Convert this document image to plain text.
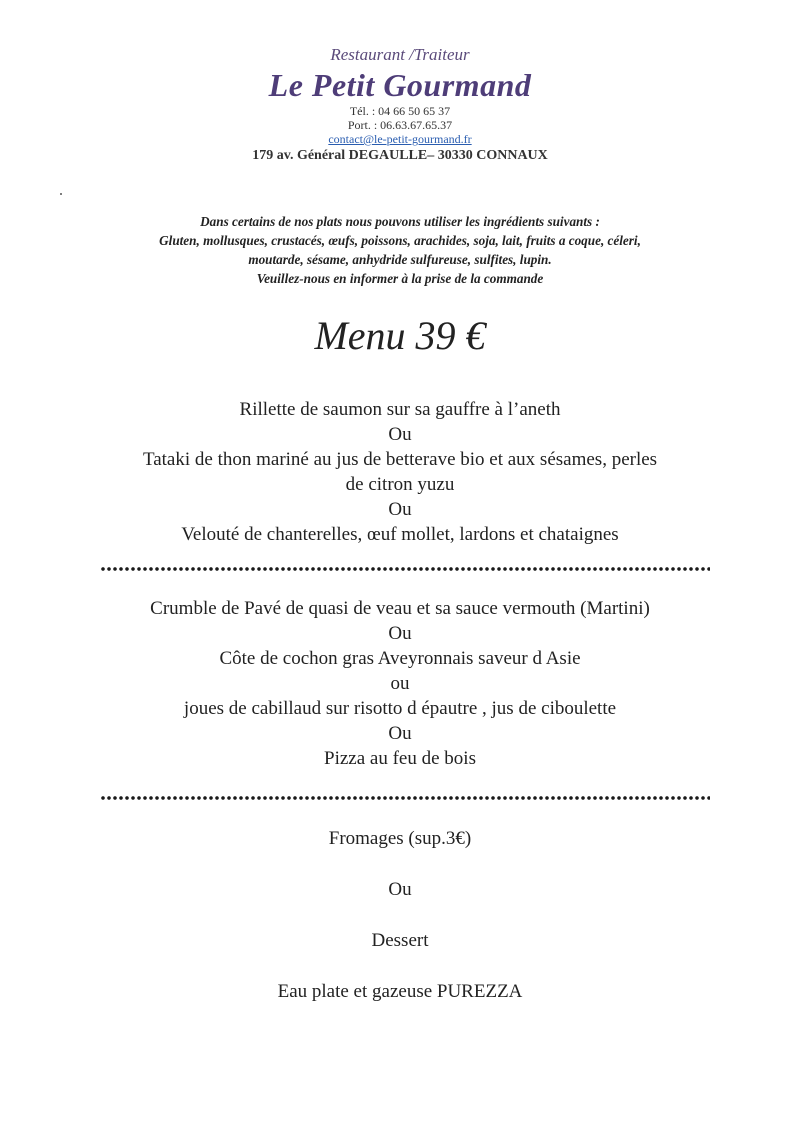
Restaurant /Traiteur
Le Petit Gourmand
Tél. : 04 66 50 65 37
Port. : 06.63.67.65.37
contact@le-petit-gourmand.fr
179 av. Général DEGAULLE– 30330 CONNAUX
Dans certains de nos plats nous pouvons utiliser les ingrédients suivants :
Gluten, mollusques, crustacés, œufs, poissons, arachides, soja, lait, fruits a coque, céleri,
moutarde, sésame, anhydride sulfureuse, sulfites, lupin.
Veuillez-nous en informer à la prise de la commande
Menu 39 €
Rillette de saumon sur sa gauffre à l’aneth
Ou
Tataki de thon mariné au jus de betterave bio et aux sésames, perles
de citron yuzu
Ou
Velouté de chanterelles, œuf mollet, lardons et chataignes
Crumble de Pavé de quasi de veau et sa sauce vermouth (Martini)
Ou
Côte de cochon gras Aveyronnais saveur d Asie
ou
joues de cabillaud sur risotto d épautre , jus de ciboulette
Ou
Pizza au feu de bois
Fromages (sup.3€)
Ou
Dessert
Eau plate et gazeuse PUREZZA
